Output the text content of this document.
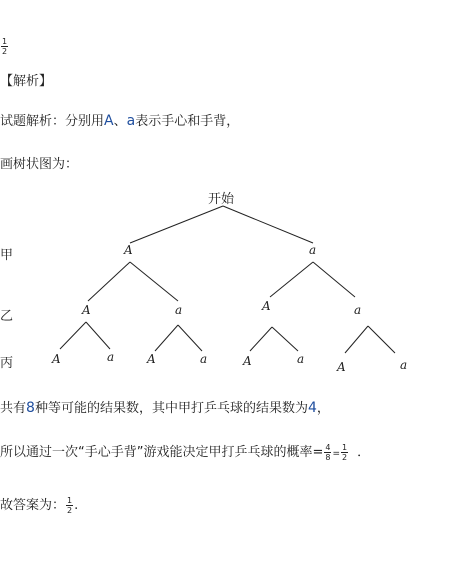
$\frac{1}{2}$
【解析】
试题解析：分别用A、a表示手心和手背，
画树状图为：
开始
甲
乙
丙
A	a
A	a	A	a
A	a	A	a	A	a
A	a
共有8种等可能的结果数，其中甲打乒乓球的结果数为4，
所以通过一次“手心手背”游戏能决定甲打乒乓球的概率= $\frac{4}{8} = \frac{1}{2}$ ．
故答案为： $\frac{1}{2}$ .
